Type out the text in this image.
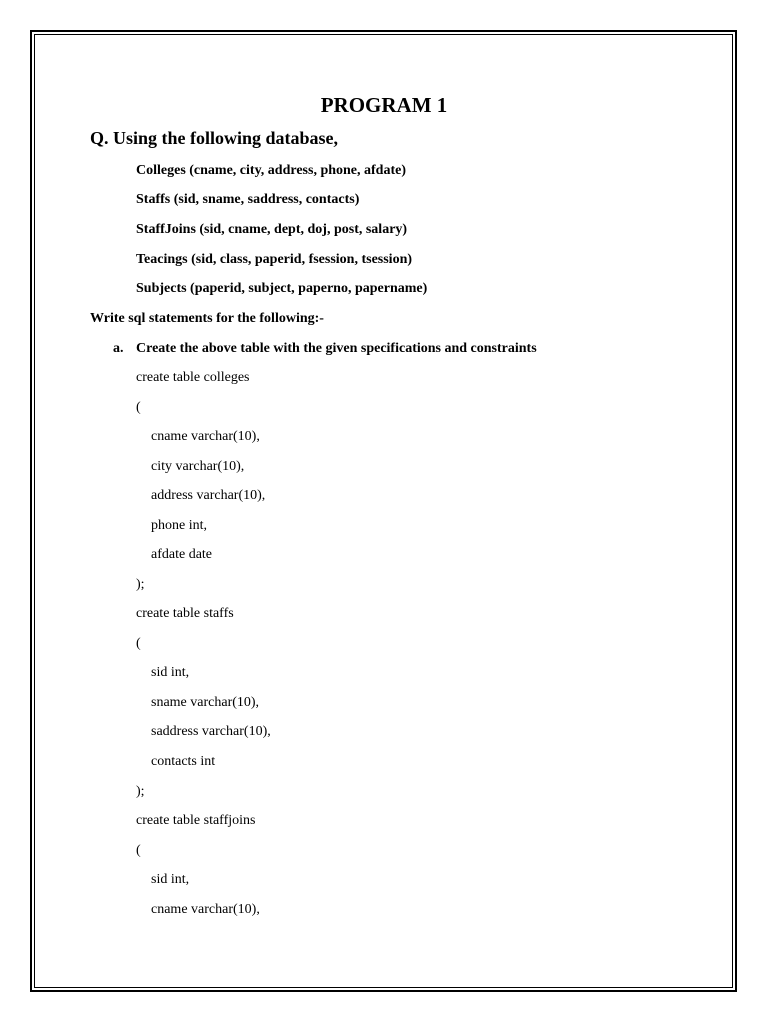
PROGRAM 1
Q. Using the following database,
Colleges (cname, city, address, phone, afdate)
Staffs (sid, sname, saddress, contacts)
StaffJoins (sid, cname, dept, doj, post, salary)
Teacings (sid, class, paperid, fsession, tsession)
Subjects (paperid, subject, paperno, papername)
Write sql statements for the following:-
a. Create the above table with the given specifications and constraints
create table colleges
(
cname varchar(10),
city varchar(10),
address varchar(10),
phone int,
afdate date
);
create table staffs
(
sid int,
sname varchar(10),
saddress varchar(10),
contacts int
);
create table staffjoins
(
sid int,
cname varchar(10),
